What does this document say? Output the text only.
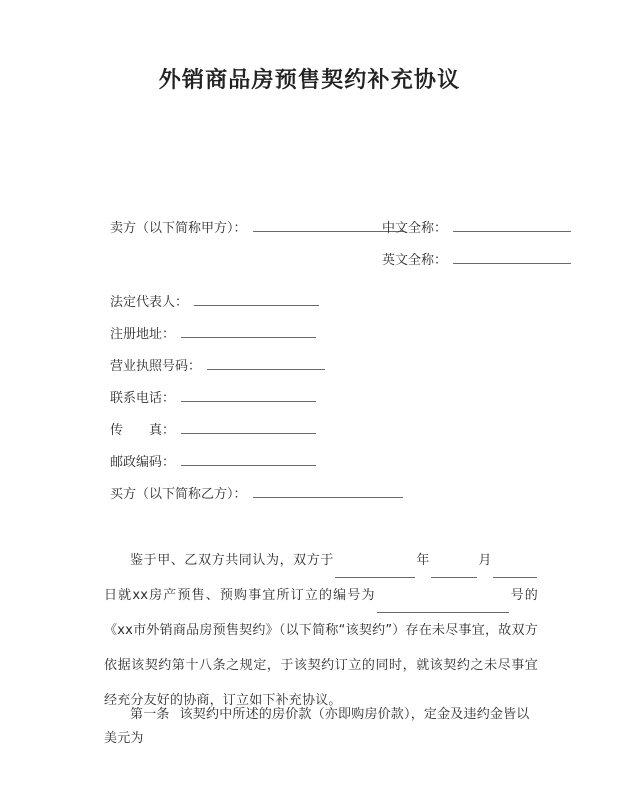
外销商品房预售契约补充协议
卖方（以下简称甲方）：	中文全称：
英文全称：
法定代表人：
注册地址：
营业执照号码：
联系电话：
传　　真：
邮政编码：
买方（以下简称乙方）：

鉴于甲、乙双方共同认为，双方于	年	月日就xx房产预售、预购事宜所订立的编号为	号的《xx市外销商品房预售契约》（以下简称“该契约”）存在未尽事宜，故双方依据该契约第十八条之规定，于该契约订立的同时，就该契约之未尽事宜经充分友好的协商，订立如下补充协议。

第一条 该契约中所述的房价款（亦即购房价款），定金及违约金皆以美元为
